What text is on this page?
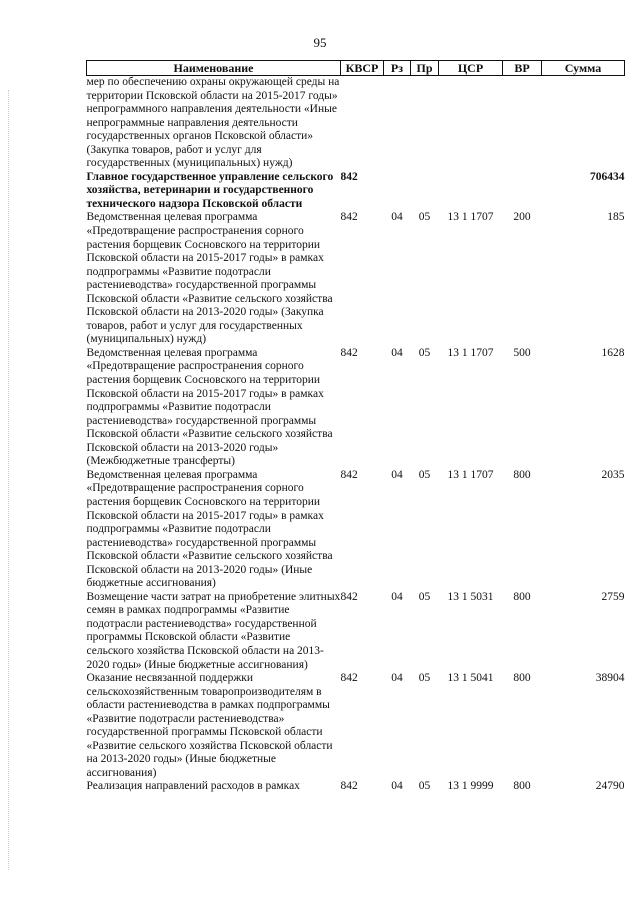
95
Наименование	КВСР	Рз	Пр	ЦСР	ВР	Сумма
мер по обеспечению охраны окружающей среды на территории Псковской области на 2015-2017 годы» непрограммного направления деятельности «Иные непрограммные направления деятельности государственных органов Псковской области» (Закупка товаров, работ и услуг для государственных (муниципальных) нужд)						
Главное государственное управление сельского хозяйства, ветеринарии и государственного технического надзора Псковской области	842					706434
Ведомственная целевая программа «Предотвращение распространения сорного растения борщевик Сосновского на территории Псковской области на 2015-2017 годы» в рамках подпрограммы «Развитие подотрасли растениеводства» государственной программы Псковской области «Развитие сельского хозяйства Псковской области на 2013-2020 годы» (Закупка товаров, работ и услуг для государственных (муниципальных) нужд)	842	04	05	13 1 1707	200	185
Ведомственная целевая программа «Предотвращение распространения сорного растения борщевик Сосновского на территории Псковской области на 2015-2017 годы» в рамках подпрограммы «Развитие подотрасли растениеводства» государственной программы Псковской области «Развитие сельского хозяйства Псковской области на 2013-2020 годы» (Межбюджетные трансферты)	842	04	05	13 1 1707	500	1628
Ведомственная целевая программа «Предотвращение распространения сорного растения борщевик Сосновского на территории Псковской области на 2015-2017 годы» в рамках подпрограммы «Развитие подотрасли растениеводства» государственной программы Псковской области «Развитие сельского хозяйства Псковской области на 2013-2020 годы» (Иные бюджетные ассигнования)	842	04	05	13 1 1707	800	2035
Возмещение части затрат на приобретение элитных семян в рамках подпрограммы «Развитие подотрасли растениеводства» государственной программы Псковской области «Развитие сельского хозяйства Псковской области на 2013-2020 годы» (Иные бюджетные ассигнования)	842	04	05	13 1 5031	800	2759
Оказание несвязанной поддержки сельскохозяйственным товаропроизводителям в области растениеводства в рамках подпрограммы «Развитие подотрасли растениеводства» государственной программы Псковской области «Развитие сельского хозяйства Псковской области на 2013-2020 годы» (Иные бюджетные ассигнования)	842	04	05	13 1 5041	800	38904
Реализация направлений расходов в рамках	842	04	05	13 1 9999	800	24790
